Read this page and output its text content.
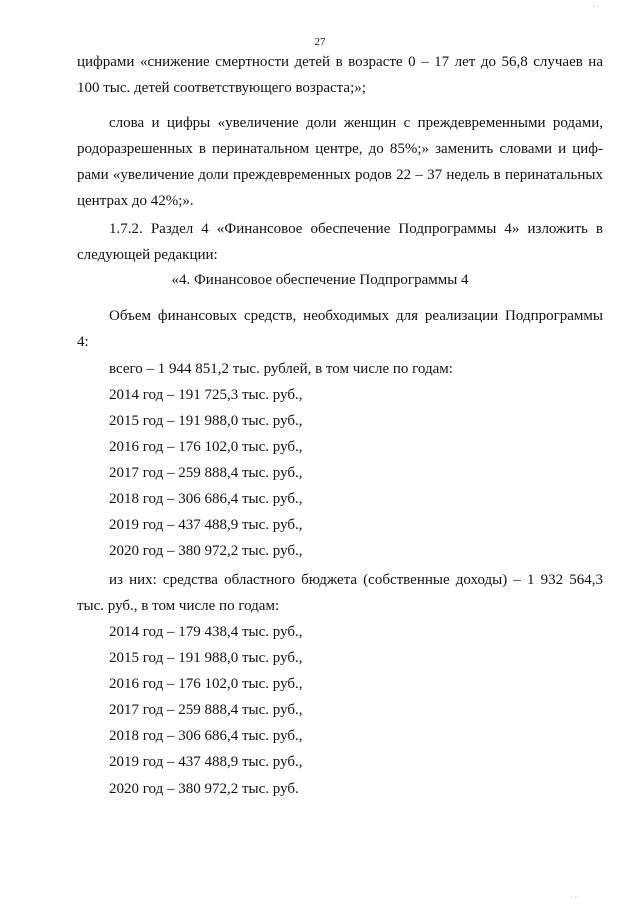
27
цифрами «снижение смертности детей в возрасте 0 – 17 лет до 56,8 случаев на
100 тыс. детей соответствующего возраста;»;
слова и цифры «увеличение доли женщин с преждевременными родами,
родоразрешенных в перинатальном центре, до 85%;» заменить словами и циф-
рами «увеличение доли преждевременных родов 22 – 37 недель в перинатальных
центрах до 42%;».
1.7.2. Раздел 4 «Финансовое обеспечение Подпрограммы 4» изложить в
следующей редакции:
«4. Финансовое обеспечение Подпрограммы 4
Объем финансовых средств, необходимых для реализации Подпрограммы
4:
всего – 1 944 851,2 тыс. рублей, в том числе по годам:
2014 год – 191 725,3 тыс. руб.,
2015 год – 191 988,0 тыс. руб.,
2016 год – 176 102,0 тыс. руб.,
2017 год – 259 888,4 тыс. руб.,
2018 год – 306 686,4 тыс. руб.,
2019 год – 437 488,9 тыс. руб.,
2020 год – 380 972,2 тыс. руб.,
из них: средства областного бюджета (собственные доходы) – 1 932 564,3
тыс. руб., в том числе по годам:
2014 год – 179 438,4 тыс. руб.,
2015 год – 191 988,0 тыс. руб.,
2016 год – 176 102,0 тыс. руб.,
2017 год – 259 888,4 тыс. руб.,
2018 год – 306 686,4 тыс. руб.,
2019 год – 437 488,9 тыс. руб.,
2020 год – 380 972,2 тыс. руб.
· ·
· ·
